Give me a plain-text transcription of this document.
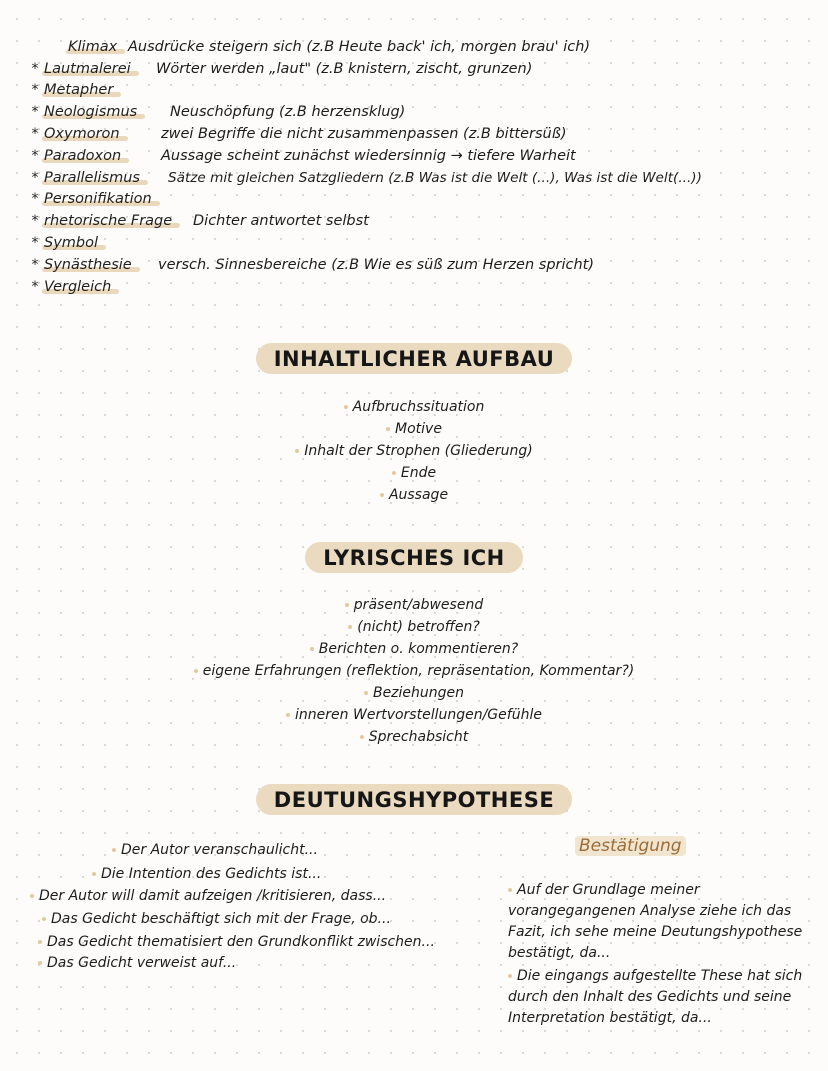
Klimax Ausdrücke steigern sich (z.B Heute back' ich, morgen brau' ich)
* Lautmalerei Wörter werden „laut" (z.B knistern, zischt, grunzen)
* Metapher
* Neologismus Neuschöpfung (z.B herzensklug)
* Oxymoron	zwei Begriffe die nicht zusammenpassen (z.B bittersüß)
* Paradoxon	Aussage scheint zunächst wiedersinnig → tiefere Warheit
* Parallelismus Sätze mit gleichen Satzgliedern (z.B Was ist die Welt (...), Was ist die Welt(...))
* Personifikation
* rhetorische Frage Dichter antwortet selbst
* Symbol
* Synästhesie versch. Sinnesbereiche (z.B Wie es süß zum Herzen spricht)
* Vergleich
INHALTLICHER AUFBAU
Aufbruchssituation
Motive
Inhalt der Strophen (Gliederung)
Ende
Aussage
LYRISCHES ICH
präsent/abwesend
(nicht) betroffen?
Berichten o. kommentieren?
eigene Erfahrungen (reflektion, repräsentation, Kommentar?)
Beziehungen
inneren Wertvorstellungen/Gefühle
Sprechabsicht
DEUTUNGSHYPOTHESE
Der Autor veranschaulicht...
Die Intention des Gedichts ist...
Der Autor will damit aufzeigen /kritisieren, dass...
Das Gedicht beschäftigt sich mit der Frage, ob...
Das Gedicht thematisiert den Grundkonflikt zwischen...
Das Gedicht verweist auf...
Bestätigung

Auf der Grundlage meiner vorangegangenen Analyse ziehe ich das Fazit, ich sehe meine Deutungshypothese bestätigt, da...

Die eingangs aufgestellte These hat sich durch den Inhalt des Gedichts und seine Interpretation bestätigt, da...
